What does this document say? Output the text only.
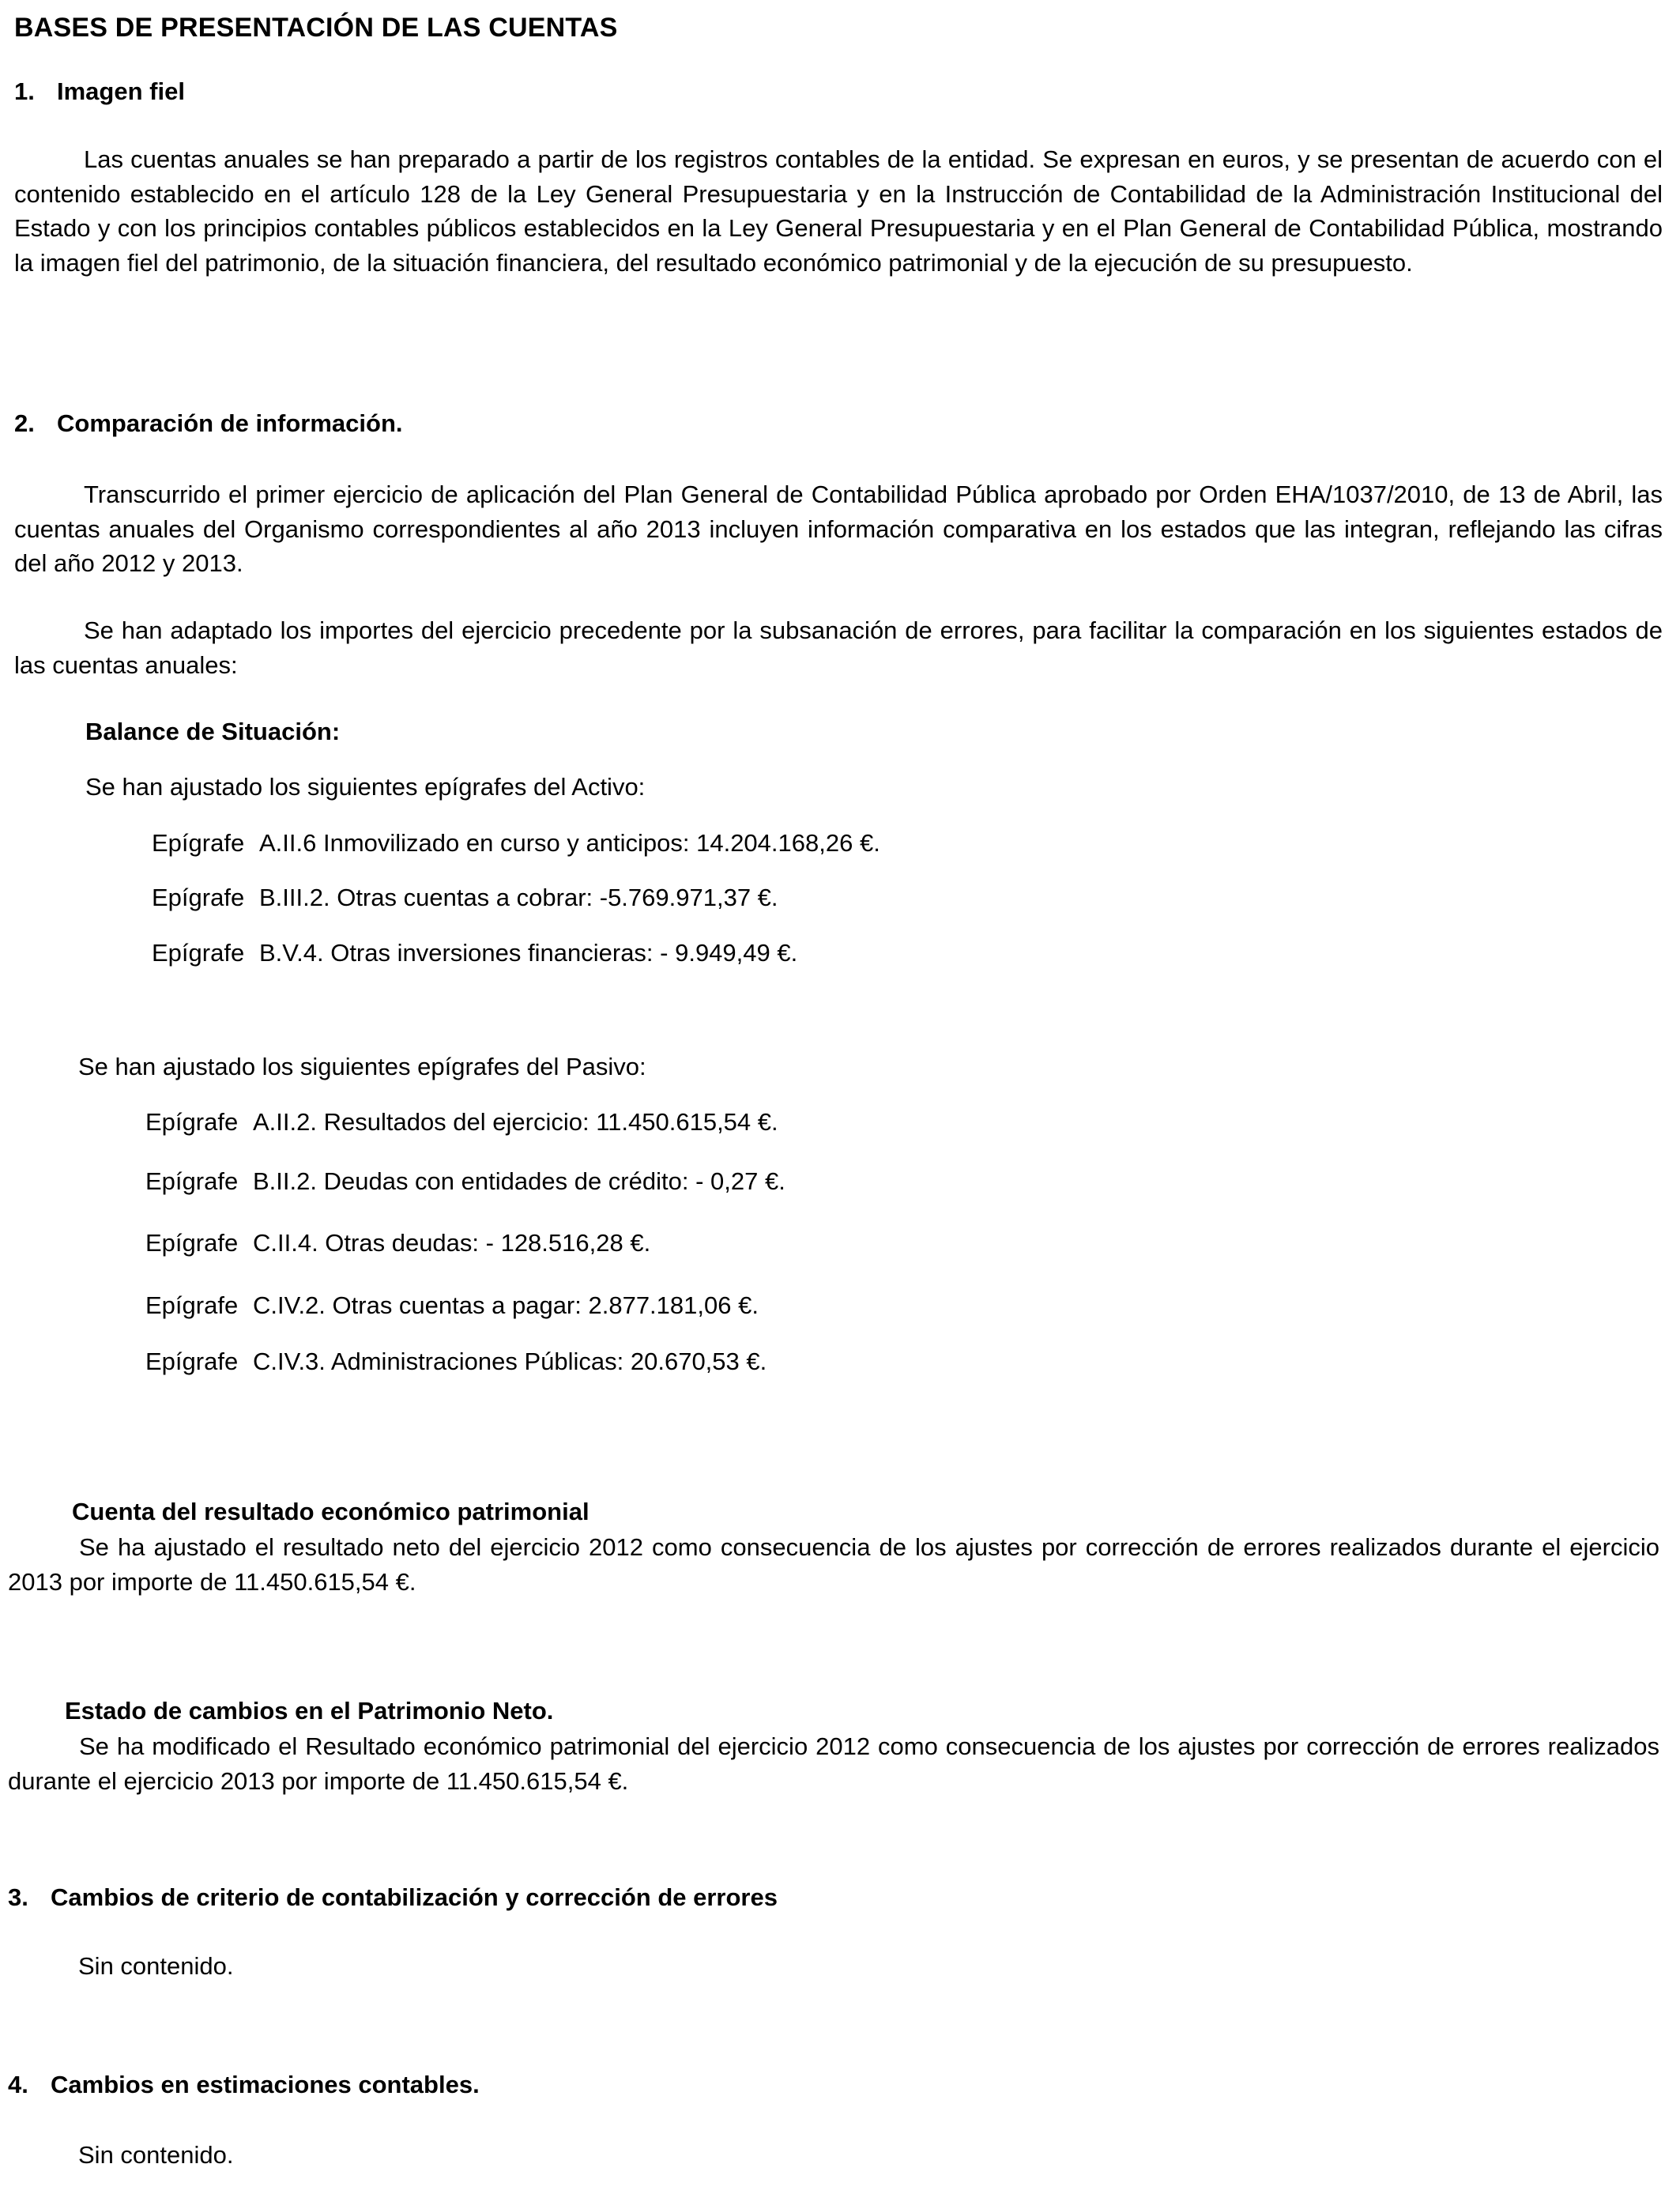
BASES DE PRESENTACIÓN DE LAS CUENTAS
1. Imagen fiel
Las cuentas anuales se han preparado a partir de los registros contables de la entidad. Se expresan en euros, y se presentan de acuerdo con el contenido establecido en el artículo 128 de la Ley General Presupuestaria y en la Instrucción de Contabilidad de la Administración Institucional del Estado y con los principios contables públicos establecidos en la Ley General Presupuestaria y en el Plan General de Contabilidad Pública, mostrando la imagen fiel del patrimonio, de la situación financiera, del resultado económico patrimonial y de la ejecución de su presupuesto.
2. Comparación de información.
Transcurrido el primer ejercicio de aplicación del Plan General de Contabilidad Pública aprobado por Orden EHA/1037/2010, de 13 de Abril, las cuentas anuales del Organismo correspondientes al año 2013 incluyen información comparativa en los estados que las integran, reflejando las cifras del año 2012 y 2013.
Se han adaptado los importes del ejercicio precedente por la subsanación de errores, para facilitar la comparación en los siguientes estados de las cuentas anuales:
Balance de Situación:
Se han ajustado los siguientes epígrafes del Activo:
Epígrafe A.II.6 Inmovilizado en curso y anticipos: 14.204.168,26 €.
Epígrafe B.III.2. Otras cuentas a cobrar: -5.769.971,37 €.
Epígrafe B.V.4. Otras inversiones financieras: - 9.949,49 €.
Se han ajustado los siguientes epígrafes del Pasivo:
Epígrafe A.II.2. Resultados del ejercicio: 11.450.615,54 €.
Epígrafe B.II.2. Deudas con entidades de crédito: - 0,27 €.
Epígrafe C.II.4. Otras deudas: - 128.516,28 €.
Epígrafe C.IV.2. Otras cuentas a pagar: 2.877.181,06 €.
Epígrafe C.IV.3. Administraciones Públicas: 20.670,53 €.
Cuenta del resultado económico patrimonial
Se ha ajustado el resultado neto del ejercicio 2012 como consecuencia de los ajustes por corrección de errores realizados durante el ejercicio 2013 por importe de 11.450.615,54 €.
Estado de cambios en el Patrimonio Neto.
Se ha modificado el Resultado económico patrimonial del ejercicio 2012 como consecuencia de los ajustes por corrección de errores realizados durante el ejercicio 2013 por importe de 11.450.615,54 €.
3. Cambios de criterio de contabilización y corrección de errores
Sin contenido.
4. Cambios en estimaciones contables.
Sin contenido.
